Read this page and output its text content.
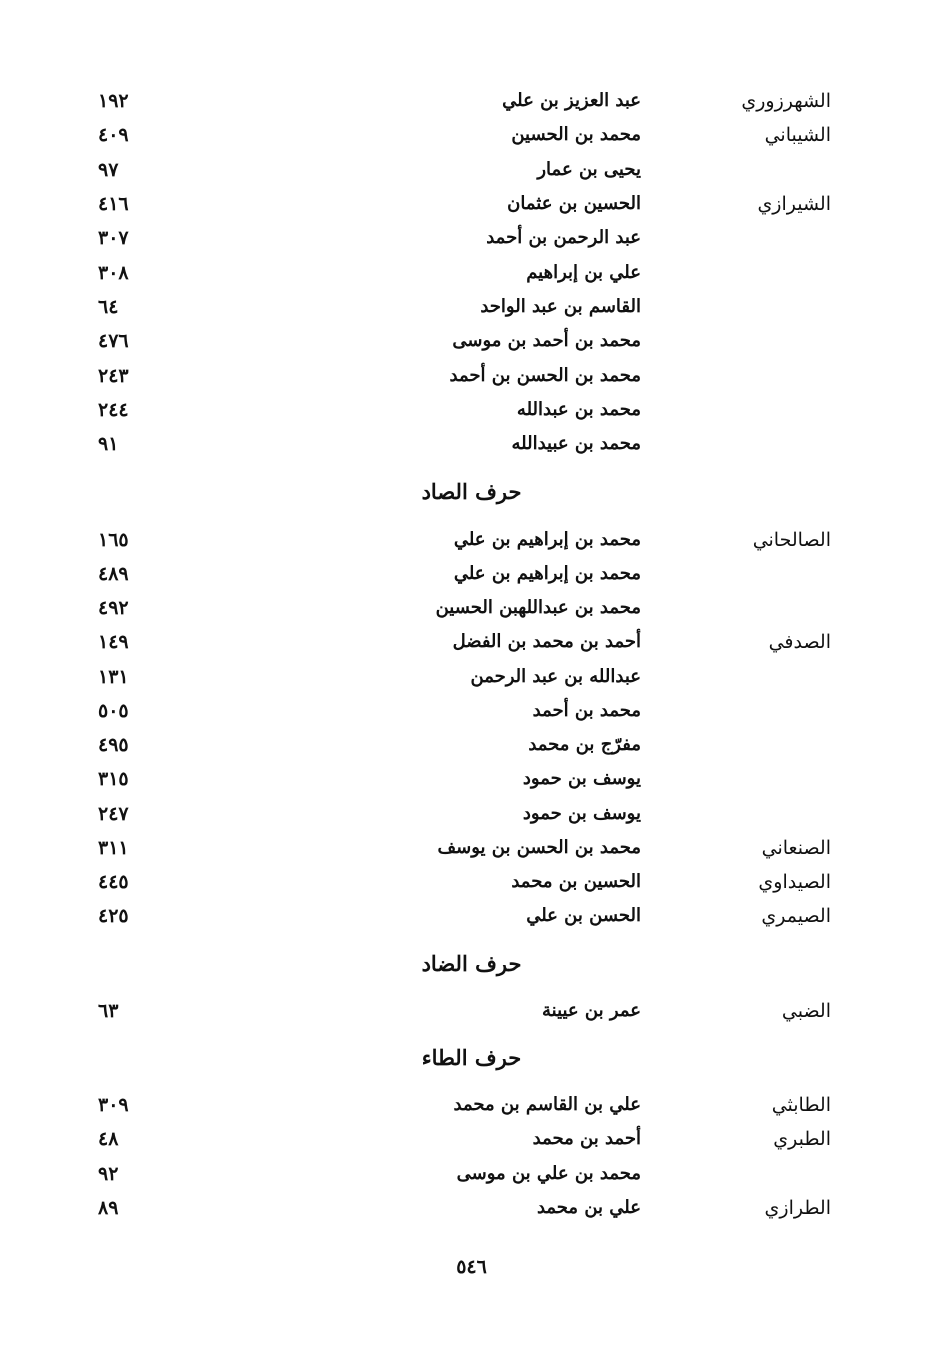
الشهرزوري
عبد العزيز بن علي
١٩٢
الشيباني
محمد بن الحسين
٤٠٩
يحيى بن عمار
٩٧
الشيرازي
الحسين بن عثمان
٤١٦
عبد الرحمن بن أحمد
٣٠٧
علي بن إبراهيم
٣٠٨
القاسم بن عبد الواحد
٦٤
محمد بن أحمد بن موسى
٤٧٦
محمد بن الحسن بن أحمد
٢٤٣
محمد بن عبدالله
٢٤٤
محمد بن عبيدالله
٩١
حرف الصاد
الصالحاني
محمد بن إبراهيم بن علي
١٦٥
محمد بن إبراهيم بن علي
٤٨٩
محمد بن عبداللهبن الحسين
٤٩٢
الصدفي
أحمد بن محمد بن الفضل
١٤٩
عبدالله بن عبد الرحمن
١٣١
محمد بن أحمد
٥٠٥
مفرّج بن محمد
٤٩٥
يوسف بن حمود
٣١٥
يوسف بن حمود
٢٤٧
الصنعاني
محمد بن الحسن بن يوسف
٣١١
الصيداوي
الحسين بن محمد
٤٤٥
الصيمري
الحسن بن علي
٤٢٥
حرف الضاد
الضبي
عمر بن عيينة
٦٣
حرف الطاء
الطابثي
علي بن القاسم بن محمد
٣٠٩
الطبري
أحمد بن محمد
٤٨
محمد بن علي بن موسى
٩٢
الطرازي
علي بن محمد
٨٩
٥٤٦
